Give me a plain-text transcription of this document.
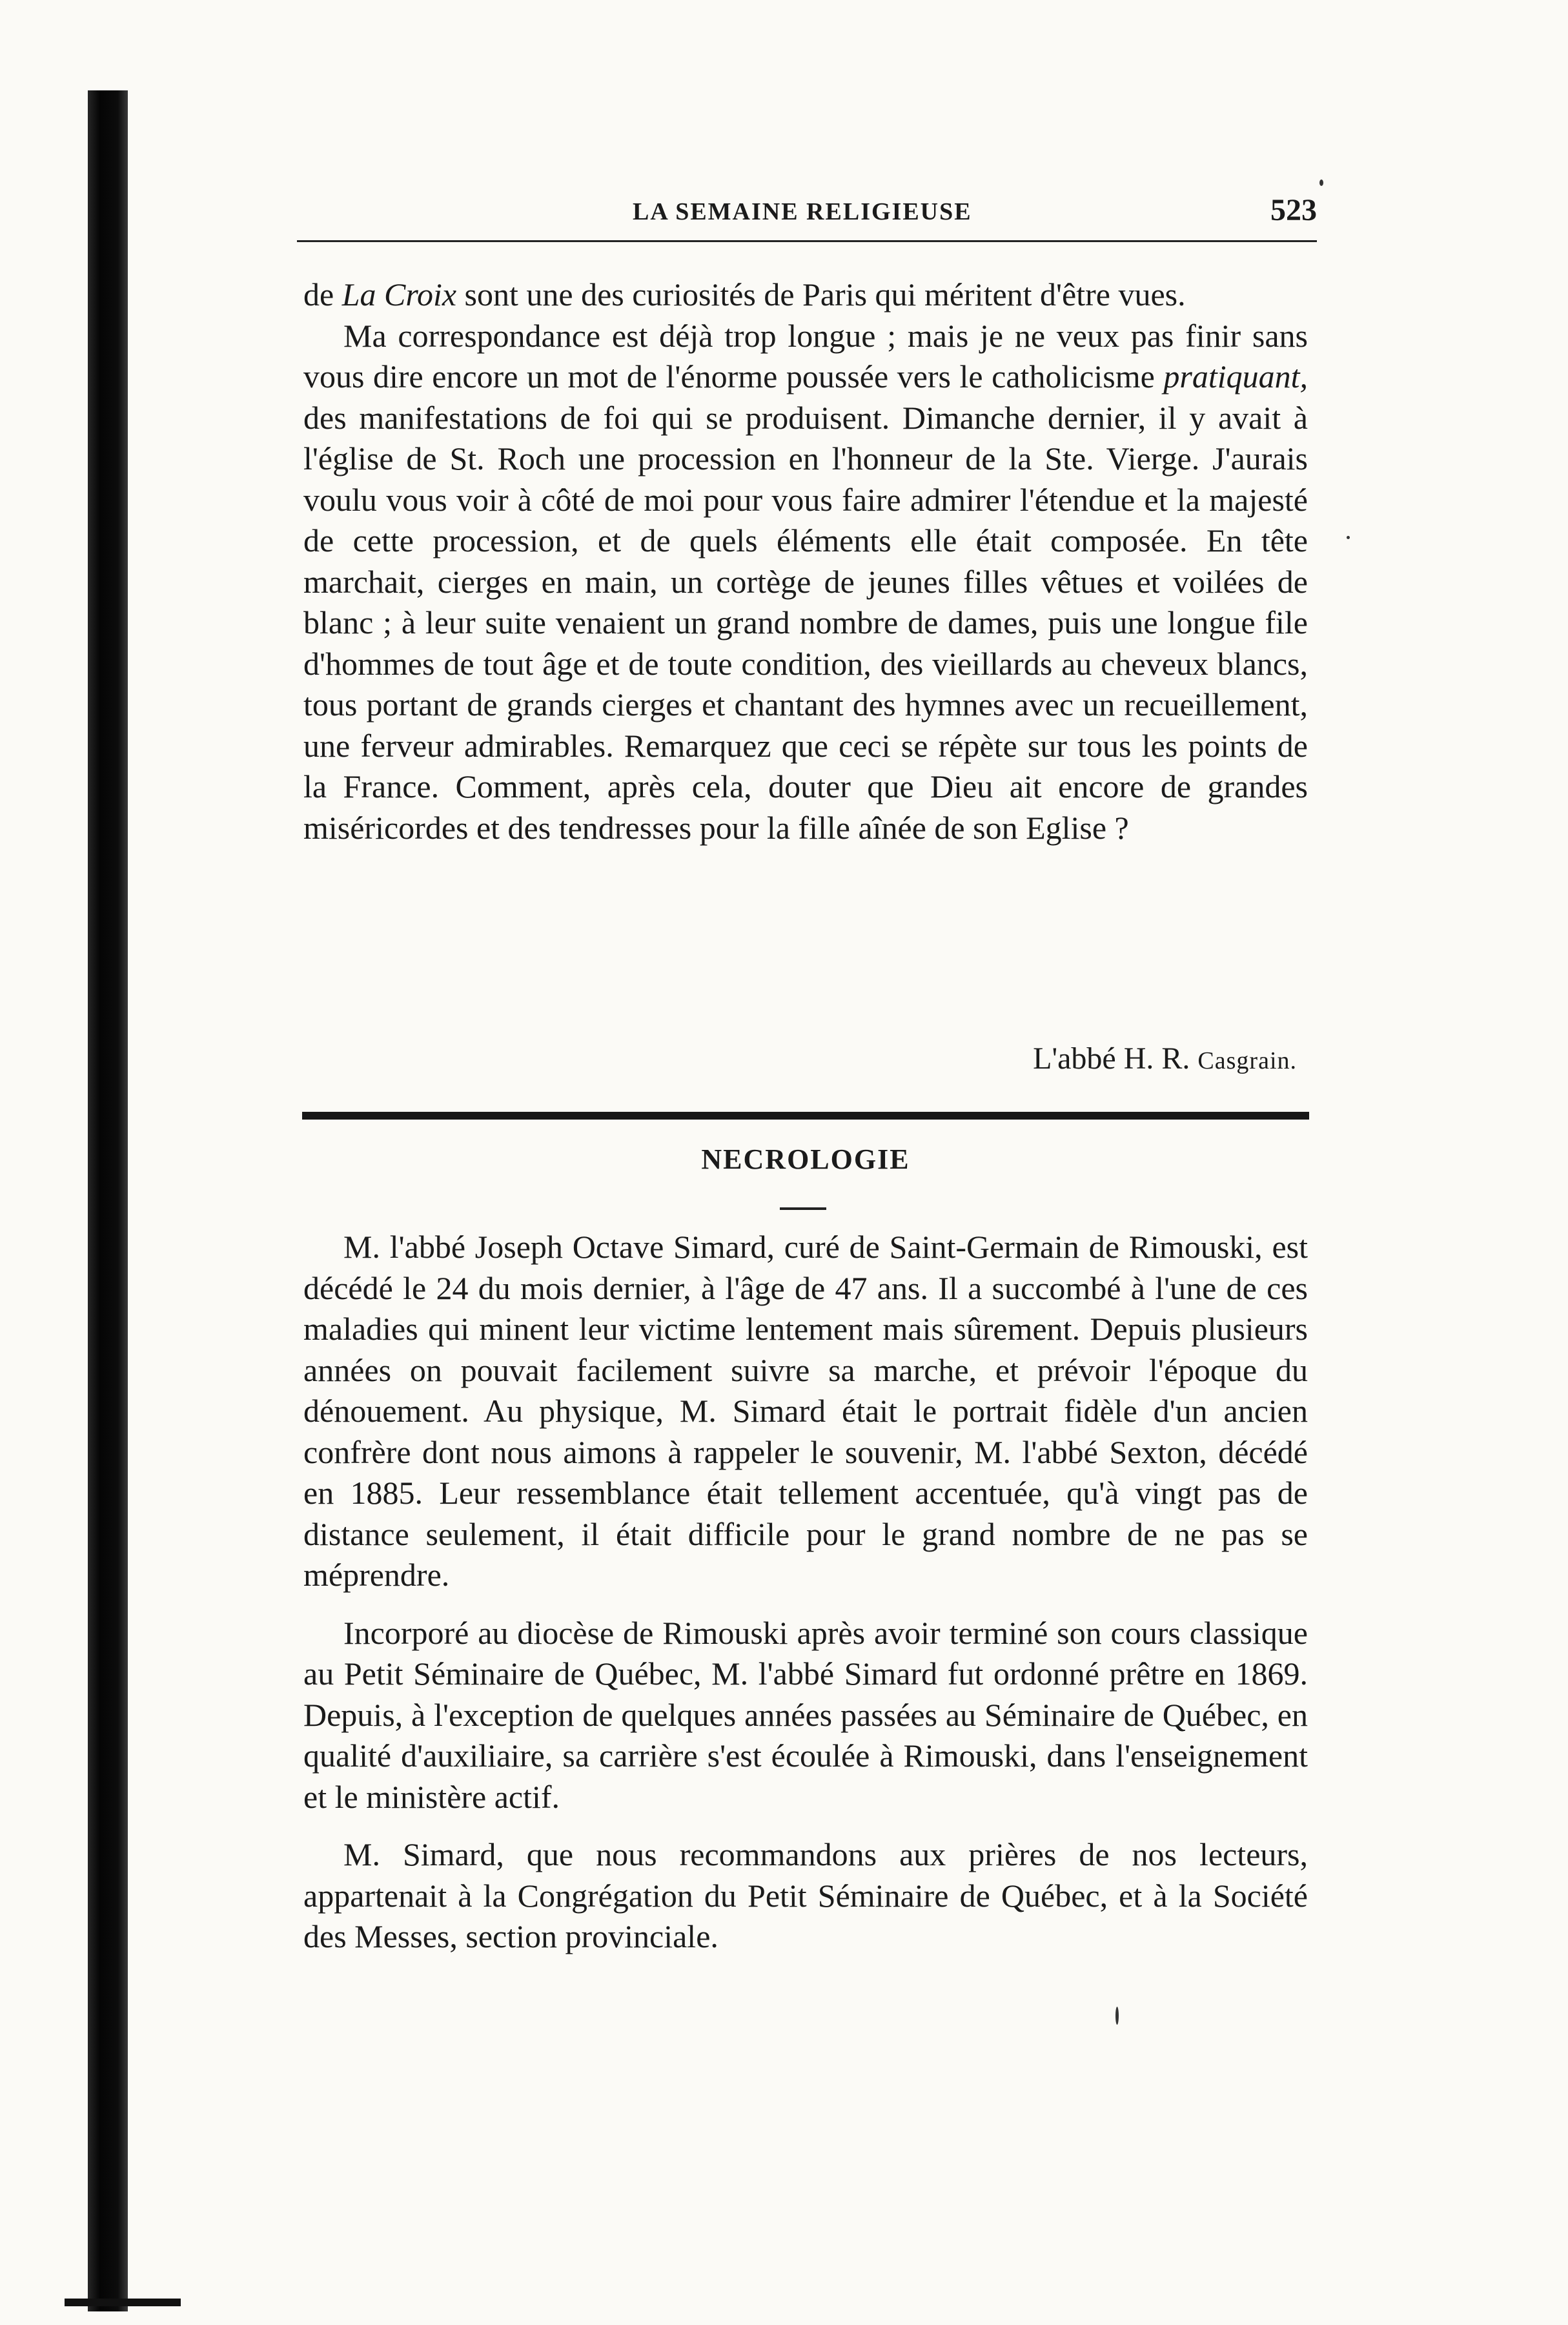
LA SEMAINE RELIGIEUSE	523

de La Croix sont une des curiosités de Paris qui méritent d'être vues.

Ma correspondance est déjà trop longue ; mais je ne veux pas finir sans vous dire encore un mot de l'énorme poussée vers le catholicisme pratiquant, des manifestations de foi qui se produisent. Dimanche dernier, il y avait à l'église de St. Roch une procession en l'honneur de la Ste. Vierge. J'aurais voulu vous voir à côté de moi pour vous faire admirer l'étendue et la majesté de cette procession, et de quels éléments elle était composée. En tête marchait, cierges en main, un cortège de jeunes filles vêtues et voilées de blanc ; à leur suite venaient un grand nombre de dames, puis une longue file d'hommes de tout âge et de toute condition, des vieillards au cheveux blancs, tous portant de grands cierges et chantant des hymnes avec un recueillement, une ferveur admirables. Remarquez que ceci se répète sur tous les points de la France. Comment, après cela, douter que Dieu ait encore de grandes miséricordes et des tendresses pour la fille aînée de son Eglise ?

L'abbé H. R. Casgrain.
NECROLOGIE

M. l'abbé Joseph Octave Simard, curé de Saint-Germain de Rimouski, est décédé le 24 du mois dernier, à l'âge de 47 ans. Il a succombé à l'une de ces maladies qui minent leur victime lentement mais sûrement. Depuis plusieurs années on pouvait facilement suivre sa marche, et prévoir l'époque du dénouement. Au physique, M. Simard était le portrait fidèle d'un ancien confrère dont nous aimons à rappeler le souvenir, M. l'abbé Sexton, décédé en 1885. Leur ressemblance était tellement accentuée, qu'à vingt pas de distance seulement, il était difficile pour le grand nombre de ne pas se méprendre.

Incorporé au diocèse de Rimouski après avoir terminé son cours classique au Petit Séminaire de Québec, M. l'abbé Simard fut ordonné prêtre en 1869. Depuis, à l'exception de quelques années passées au Séminaire de Québec, en qualité d'auxiliaire, sa carrière s'est écoulée à Rimouski, dans l'enseignement et le ministère actif.

M. Simard, que nous recommandons aux prières de nos lecteurs, appartenait à la Congrégation du Petit Séminaire de Québec, et à la Société des Messes, section provinciale.
